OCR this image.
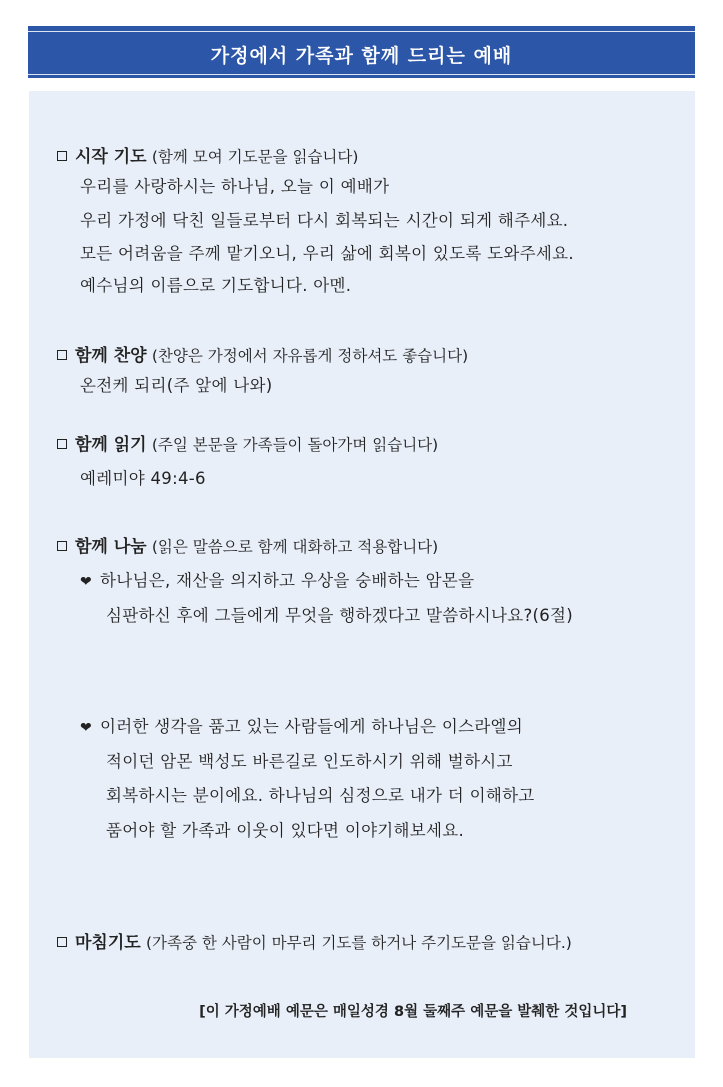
가정에서 가족과 함께 드리는 예배
시작 기도 (함께 모여 기도문을 읽습니다)
우리를 사랑하시는 하나님, 오늘 이 예배가
우리 가정에 닥친 일들로부터 다시 회복되는 시간이 되게 해주세요.
모든 어려움을 주께 맡기오니, 우리 삶에 회복이 있도록 도와주세요.
예수님의 이름으로 기도합니다. 아멘.
함께 찬양 (찬양은 가정에서 자유롭게 정하셔도 좋습니다)
온전케 되리(주 앞에 나와)
함께 읽기 (주일 본문을 가족들이 돌아가며 읽습니다)
예레미야 49:4-6
함께 나눔 (읽은 말씀으로 함께 대화하고 적용합니다)
❤ 하나님은, 재산을 의지하고 우상을 숭배하는 암몬을
심판하신 후에 그들에게 무엇을 행하겠다고 말씀하시나요?(6절)
❤ 이러한 생각을 품고 있는 사람들에게 하나님은 이스라엘의
적이던 암몬 백성도 바른길로 인도하시기 위해 벌하시고
회복하시는 분이에요. 하나님의 심정으로 내가 더 이해하고
품어야 할 가족과 이웃이 있다면 이야기해보세요.
마침기도 (가족중 한 사람이 마무리 기도를 하거나 주기도문을 읽습니다.)
[이 가정예배 예문은 매일성경 8월 둘째주 예문을 발췌한 것입니다]
